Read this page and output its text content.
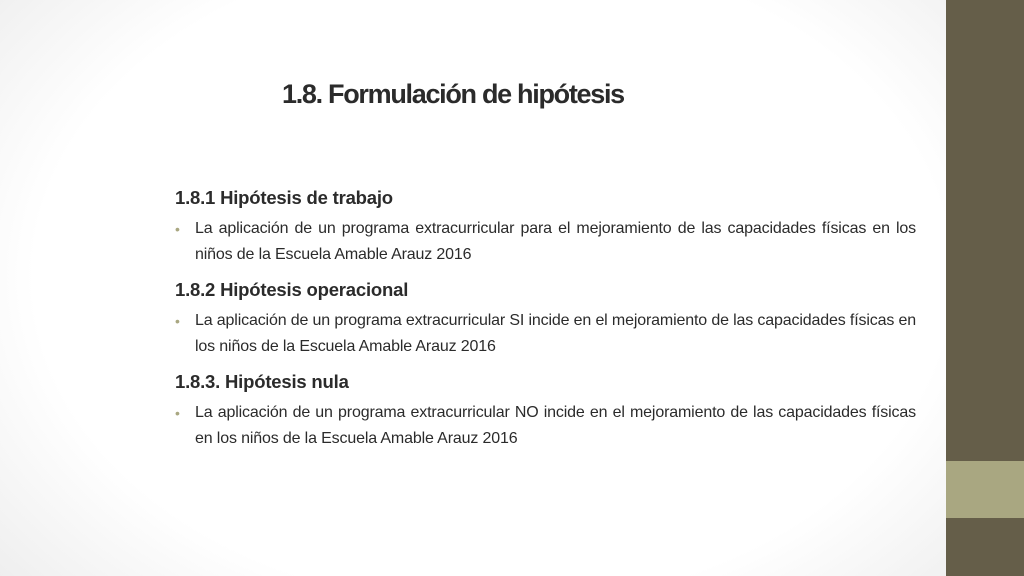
1.8. Formulación de hipótesis

1.8.1 Hipótesis de trabajo

• La aplicación de un programa extracurricular para el mejoramiento de las capacidades físicas en los niños de la Escuela Amable Arauz 2016

1.8.2 Hipótesis operacional

• La aplicación de un programa extracurricular SI incide en el mejoramiento de las capacidades físicas en los niños de la Escuela Amable Arauz 2016

1.8.3. Hipótesis nula

• La aplicación de un programa extracurricular NO incide en el mejoramiento de las capacidades físicas en los niños de la Escuela Amable Arauz 2016
